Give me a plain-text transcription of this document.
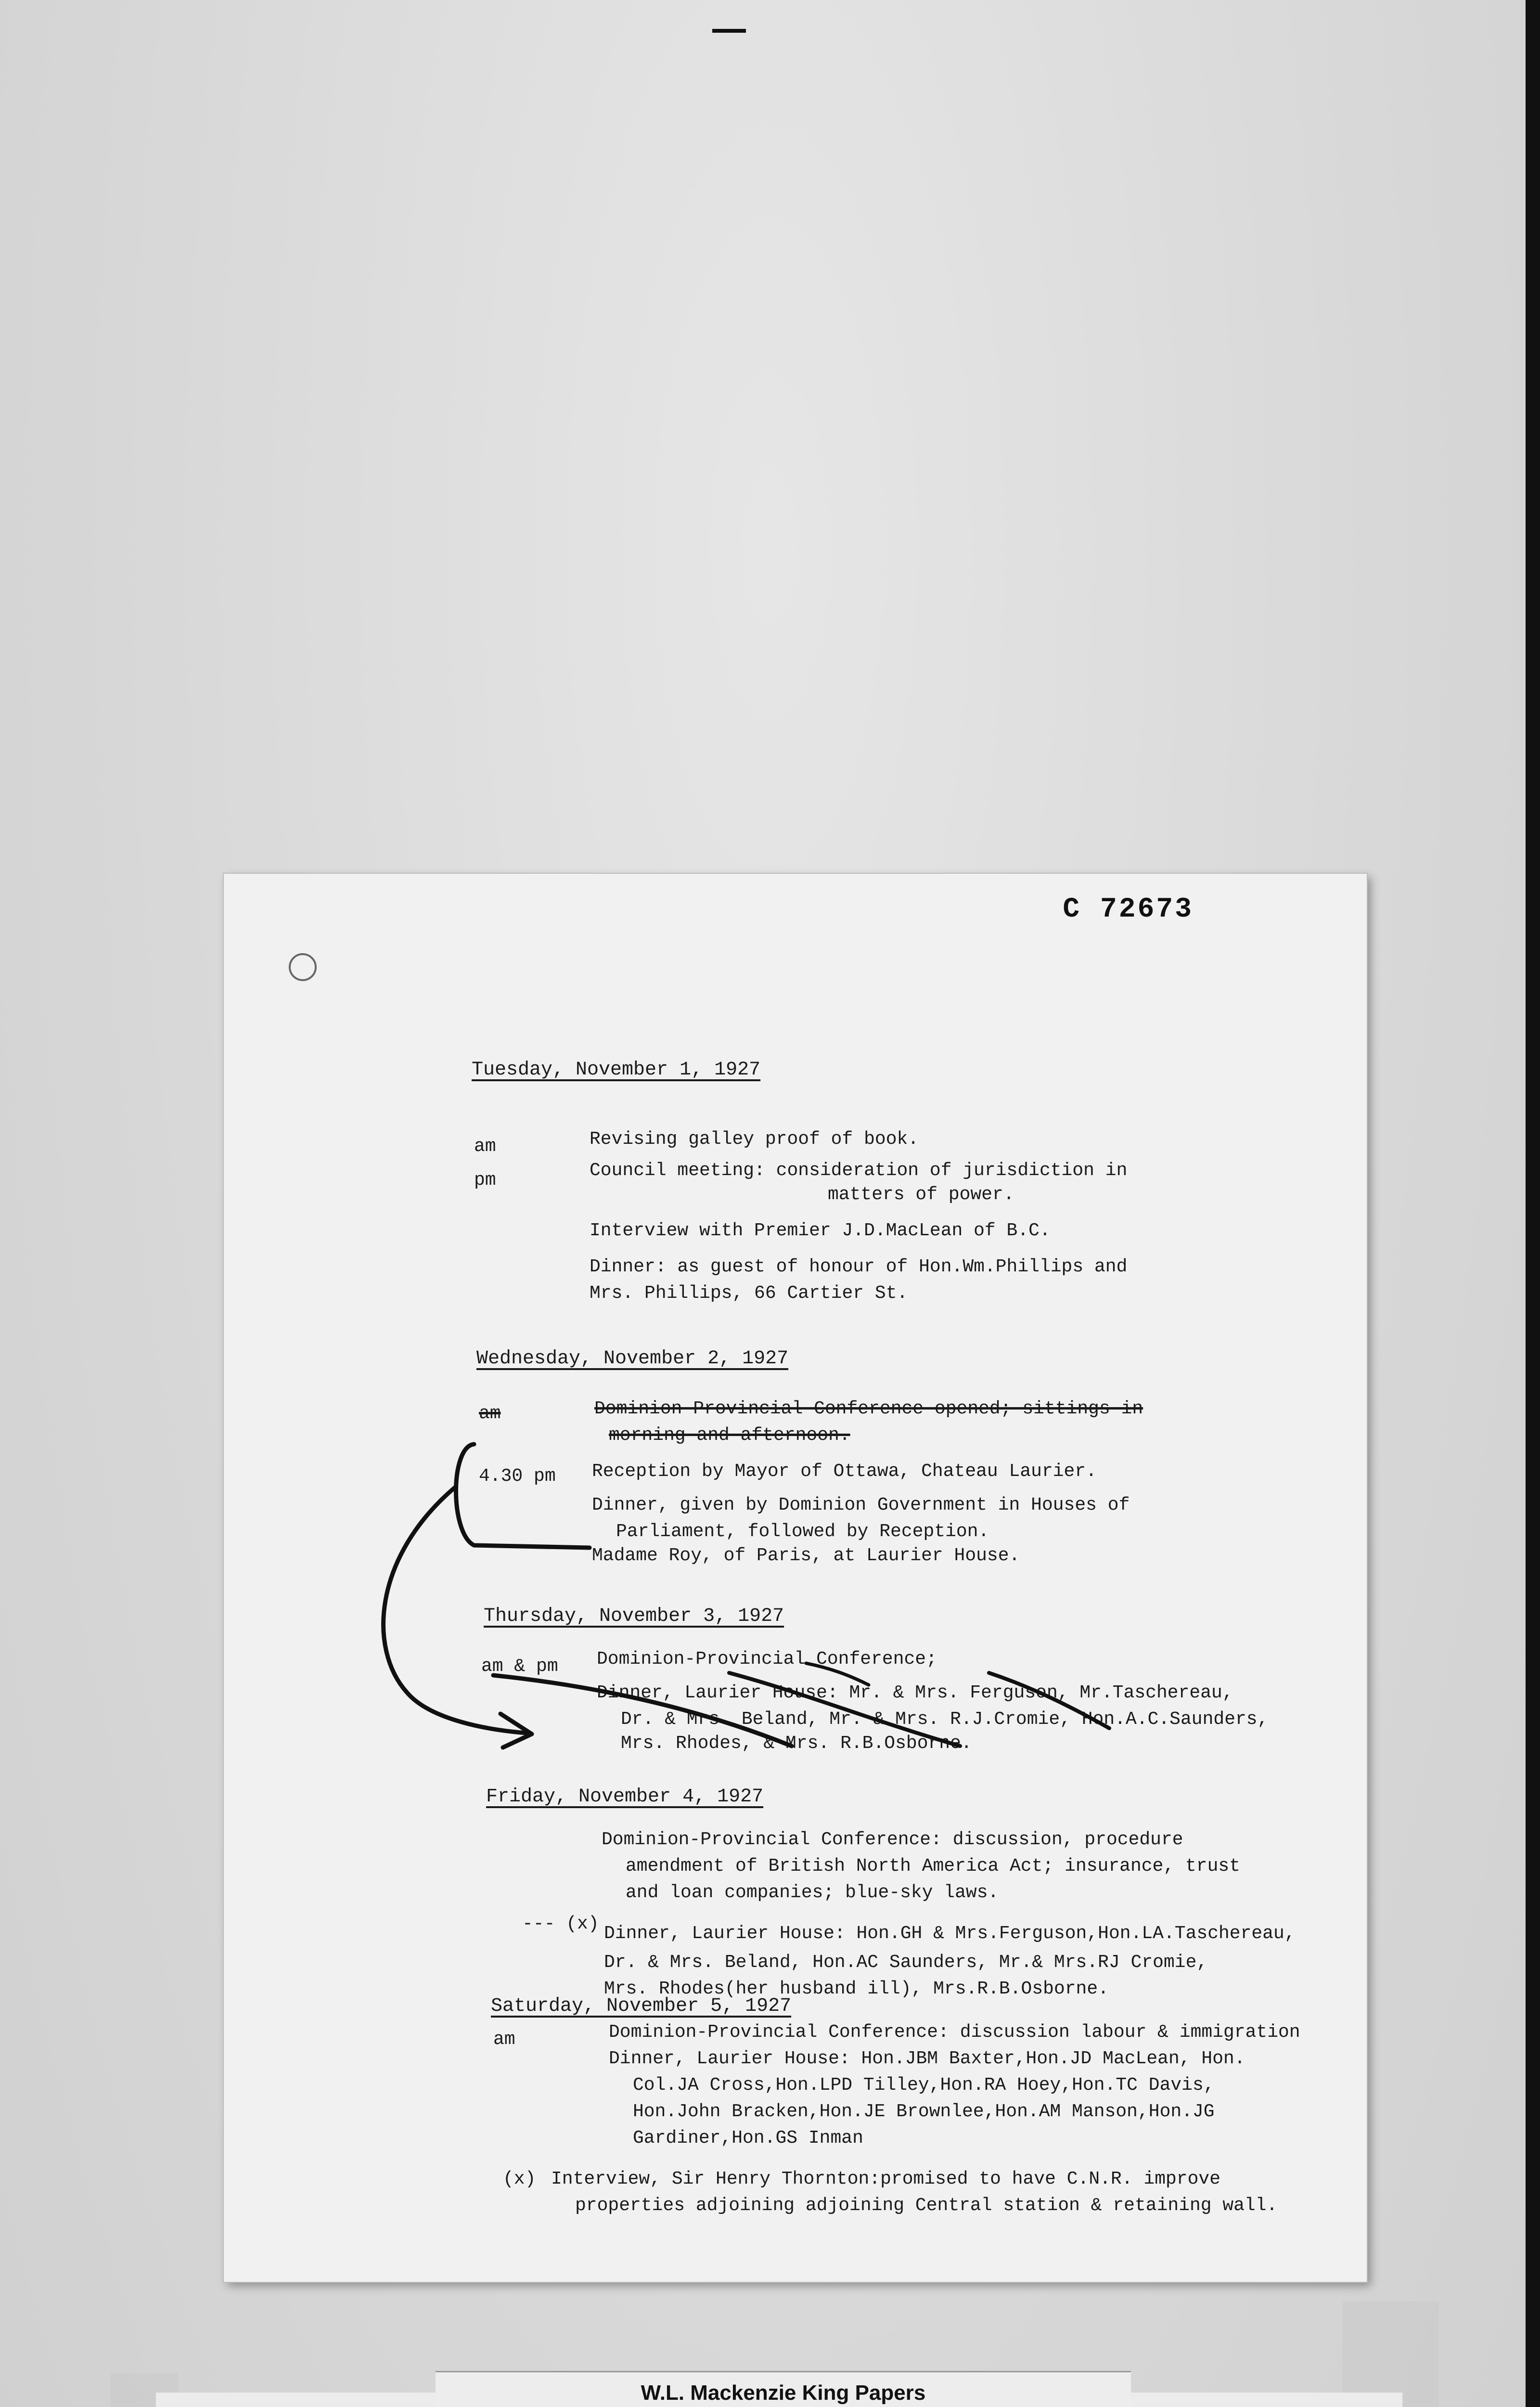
C 72673
Tuesday, November 1, 1927
am	Revising galley proof of book.
pm	Council meeting: consideration of jurisdiction in
matters of power.
Interview with Premier J.D.MacLean of B.C.
Dinner: as guest of honour of Hon.Wm.Phillips and
Mrs. Phillips, 66 Cartier St.
Wednesday, November 2, 1927
am	Dominion-Provincial Conference opened; sittings in
morning and afternoon.
4.30 pm Reception by Mayor of Ottawa, Chateau Laurier.
Dinner, given by Dominion Government in Houses of
Parliament, followed by Reception.
Madame Roy, of Paris, at Laurier House.
Thursday, November 3, 1927
am & pm Dominion-Provincial Conference;
Dinner, Laurier House: Mr. & Mrs. Ferguson, Mr.Taschereau,
Dr. & Mrs. Beland, Mr. & Mrs. R.J.Cromie, Hon.A.C.Saunders,
Mrs. Rhodes, & Mrs. R.B.Osborne.
Friday, November 4, 1927
Dominion-Provincial Conference: discussion, procedure
amendment of British North America Act; insurance, trust
and loan companies; blue-sky laws.
--- (x) Dinner, Laurier House: Hon.GH & Mrs.Ferguson,Hon.LA.Taschereau,
Dr. & Mrs. Beland, Hon.AC Saunders, Mr.& Mrs.RJ Cromie,
Mrs. Rhodes(her husband ill), Mrs.R.B.Osborne.
Saturday, November 5, 1927
am	Dominion-Provincial Conference: discussion labour & immigration
Dinner, Laurier House: Hon.JBM Baxter,Hon.JD MacLean, Hon.
Col.JA Cross,Hon.LPD Tilley,Hon.RA Hoey,Hon.TC Davis,
Hon.John Bracken,Hon.JE Brownlee,Hon.AM Manson,Hon.JG
Gardiner,Hon.GS Inman
(x) Interview, Sir Henry Thornton:promised to have C.N.R. improve
properties adjoining adjoining Central station & retaining wall.
W.L. Mackenzie King Papers
